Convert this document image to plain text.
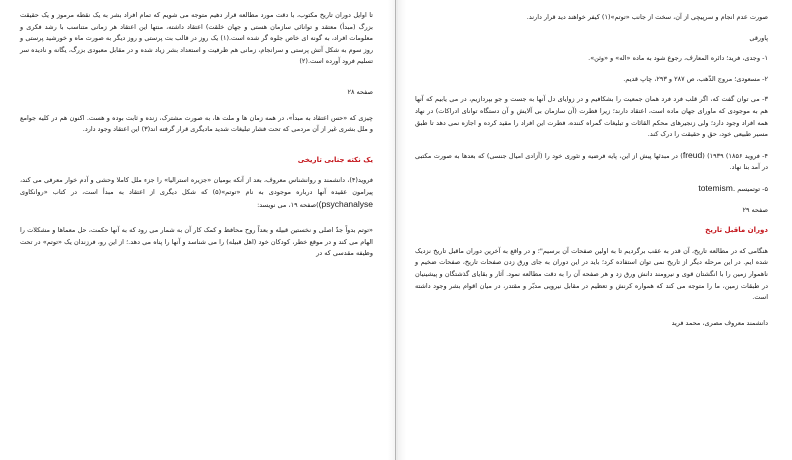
تا اوایل دوران تاریخ مکتوب، با دقت مورد مطالعه قرار دهیم متوجه می شویم که تمام افراد بشر به یک نقطه مرموز و یک حقیقت بزرگ (مبدأ) معتقد و توانائی سازمان هستی و جهان خلقت) اعتقاد داشته، منتها این اعتقاد هر زمانی متناسب با رشد فکری و معلومات افراد، به گونه ای خاص جلوه گر شده است.(۱) یک روز در قالب بت پرستی و روز دیگر به صورت ماه و خورشید پرستی و روز سوم به شکل آتش پرستی و سرانجام، زمانی هم ظرفیت و استعداد بشر زیاد شده و در مقابل معبودی بزرگ، یگانه و نادیده سر تسلیم فرود آورده است.(۲)

صفحه ۲۸

چیزی که «حس اعتقاد به مبدأ»، در همه زمان ها و ملت ها، به صورت مشترک، زنده و ثابت بوده و هست. اکنون هم در کلیه جوامع و ملل بشری غیر از آن مردمی که تحت فشار تبلیغات شدید مادیگری قرار گرفته اند(۳) این اعتقاد وجود دارد.

یک نکته جنابی تاریخی

فروید(۴)، دانشمند و روانشناس معروف، بعد از آنکه بومیان «جزیره استرالیا» را جزء ملل کاملا وحشی و آدم خوار معرفی می کند، پیرامون عقیده آنها درباره موجودی به نام «توتم»(۵) که شکل دیگری از اعتقاد به مبدأ است، در کتاب «روانکاوی (psychanalyse)صفحه ۱۹، می نویسد:

«توتم بدواً جدّ اصلی و نخستین قبیله و بعداً روح محافظ و کمک کار آن به شمار می رود که به آنها حکمت، حل معماها و مشکلات را الهام می کند و در موقع خطر، کودکان خود (اهل قبیله) را می شناسد و آنها را پناه می دهد.؛ از این رو، فرزندان یک «توتم» در تحت وظیفه مقدسی که در

صورت عدم انجام و سرپیچی از آن، سخت از جانب «توتم»(۱) کیفر خواهند دید قرار دارند.

پاورقی

۱- وجدی، فرید؛ دائره المعارف، رجوع شود به ماده «اله» و «وثن».

۲- مسعودی؛ مروج الذّهب، ص ۲۸۷ و ۲۹۳، چاپ قدیم.

۳- می توان گفت که، اگر قلب فرد فرد همان جمعیت را بشکافیم و در زوایای دل آنها به جست و جو بپردازیم، در می یابیم که آنها هم به موجودی که ماورای جهان ماده است، اعتقاد دارند؛ زیرا فطرت (آن سازمان بی آلایش و آن دستگاه توانای ادراکات) در نهاد همه افراد وجود دارد؛ ولی زنجیرهای محکم القائات و تبلیغات گمراه کننده، فطرت این افراد را مقید کرده و اجازه نمی دهد تا طبق مسیر طبیعی خود، حق و حقیقت را درک کند.

۴- فروید ۱۸۵۶) ۱۹۳۹) (freud) در مبدئها پیش از این، پایه فرضیه و تئوری خود را (آزادی امیال جنسی) که بعدها به صورت مکتبی در آمد بنا نهاد.

۵- توتمیسم totemism.

صفحه ۲۹

دوران ماقبل تاریخ

هنگامی که در مطالعه تاریخ، آن قدر به عقب برگردیم تا به اولین صفحات آن برسیم"؛ و در واقع به آخرین دوران ماقبل تاریخ نزدیک شده ایم. در این مرحله دیگر از تاریخ نمی توان استفاده کرد؛ باید در این دوران به جای ورق زدن صفحات تاریخ، صفحات ضخیم و ناهموار زمین را با انگشتان قوی و نیرومند دانش ورق زد و هر صفحه آن را به دقت مطالعه نمود. آثار و بقایای گذشتگان و پیشینیان در طبقات زمین، ما را متوجه می کند که همواره کرنش و تعظیم در مقابل نیرویی مدبّر و مقتدر، در میان اقوام بشر وجود داشته است.

دانشمند معروف مصری، محمد فرید
